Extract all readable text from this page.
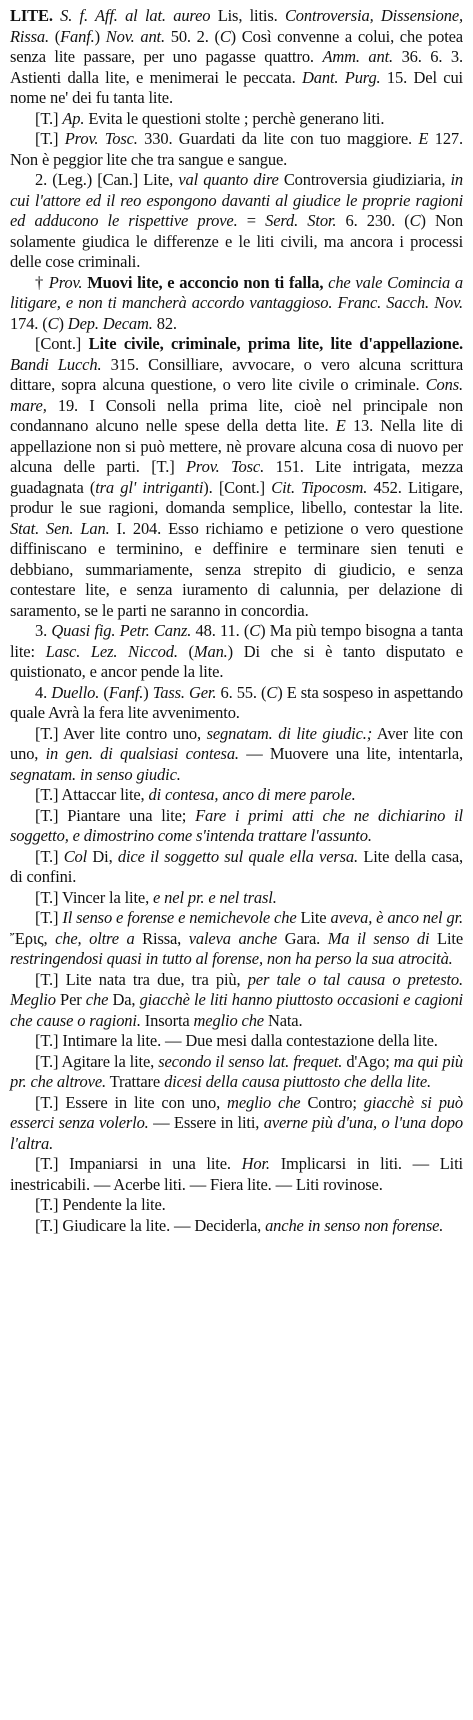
LITE. S. f. Aff. al lat. aureo Lis, litis. Controversia, Dissensione, Rissa. (Fanf.) Nov. ant. 50. 2. (C) Così convenne a colui, che potea senza lite passare, per uno pagasse quattro. Amm. ant. 36. 6. 3. Astienti dalla lite, e menimerai le peccata. Dant. Purg. 15. Del cui nome ne' dei fu tanta lite.

[T.] Ap. Evita le questioni stolte ; perchè generano liti.

[T.] Prov. Tosc. 330. Guardati da lite con tuo maggiore. E 127. Non è peggior lite che tra sangue e sangue.

2. (Leg.) [Can.] Lite, val quanto dire Controversia giudiziaria, in cui l'attore ed il reo espongono davanti al giudice le proprie ragioni ed adducono le rispettive prove. = Serd. Stor. 6. 230. (C) Non solamente giudica le differenze e le liti civili, ma ancora i processi delle cose criminali.

† Prov. Muovi lite, e acconcio non ti falla, che vale Comincia a litigare, e non ti mancherà accordo vantaggioso. Franc. Sacch. Nov. 174. (C) Dep. Decam. 82.

[Cont.] Lite civile, criminale, prima lite, lite d'appellazione. Bandi Lucch. 315. Consilliare, avvocare, o vero alcuna scrittura dittare, sopra alcuna questione, o vero lite civile o criminale. Cons. mare, 19. I Consoli nella prima lite, cioè nel principale non condannano alcuno nelle spese della detta lite. E 13. Nella lite di appellazione non si può mettere, nè provare alcuna cosa di nuovo per alcuna delle parti. [T.] Prov. Tosc. 151. Lite intrigata, mezza guadagnata (tra gl' intriganti). [Cont.] Cit. Tipocosm. 452. Litigare, produr le sue ragioni, domanda semplice, libello, contestar la lite. Stat. Sen. Lan. I. 204. Esso richiamo e petizione o vero questione diffiniscano e terminino, e deffinire e terminare sien tenuti e debbiano, summariamente, senza strepito di giudicio, e senza contestare lite, e senza iuramento di calunnia, per delazione di saramento, se le parti ne saranno in concordia.

3. Quasi fig. Petr. Canz. 48. 11. (C) Ma più tempo bisogna a tanta lite: Lasc. Lez. Niccod. (Man.) Di che si è tanto disputato e quistionato, e ancor pende la lite.

4. Duello. (Fanf.) Tass. Ger. 6. 55. (C) E sta sospeso in aspettando quale Avrà la fera lite avvenimento.

[T.] Aver lite contro uno, segnatam. di lite giudic.; Aver lite con uno, in gen. di qualsiasi contesa. — Muovere una lite, intentarla, segnatam. in senso giudic.

[T.] Attaccar lite, di contesa, anco di mere parole.

[T.] Piantare una lite; Fare i primi atti che ne dichiarino il soggetto, e dimostrino come s'intenda trattare l'assunto.

[T.] Col Di, dice il soggetto sul quale ella versa. Lite della casa, di confini.

[T.] Vincer la lite, e nel pr. e nel trasl.

[T.] Il senso e forense e nemichevole che Lite aveva, è anco nel gr. Ἔρις, che, oltre a Rissa, valeva anche Gara. Ma il senso di Lite restringendosi quasi in tutto al forense, non ha perso la sua atrocità.

[T.] Lite nata tra due, tra più, per tale o tal causa o pretesto. Meglio Per che Da, giacchè le liti hanno piuttosto occasioni e cagioni che cause o ragioni. Insorta meglio che Nata.

[T.] Intimare la lite. — Due mesi dalla contestazione della lite.

[T.] Agitare la lite, secondo il senso lat. frequet. d'Ago; ma qui più pr. che altrove. Trattare dicesi della causa piuttosto che della lite.

[T.] Essere in lite con uno, meglio che Contro; giacchè si può esserci senza volerlo. — Essere in liti, averne più d'una, o l'una dopo l'altra.

[T.] Impaniarsi in una lite. Hor. Implicarsi in liti. — Liti inestricabili. — Acerbe liti. — Fiera lite. — Liti rovinose.

[T.] Pendente la lite.

[T.] Giudicare la lite. — Deciderla, anche in senso non forense.
